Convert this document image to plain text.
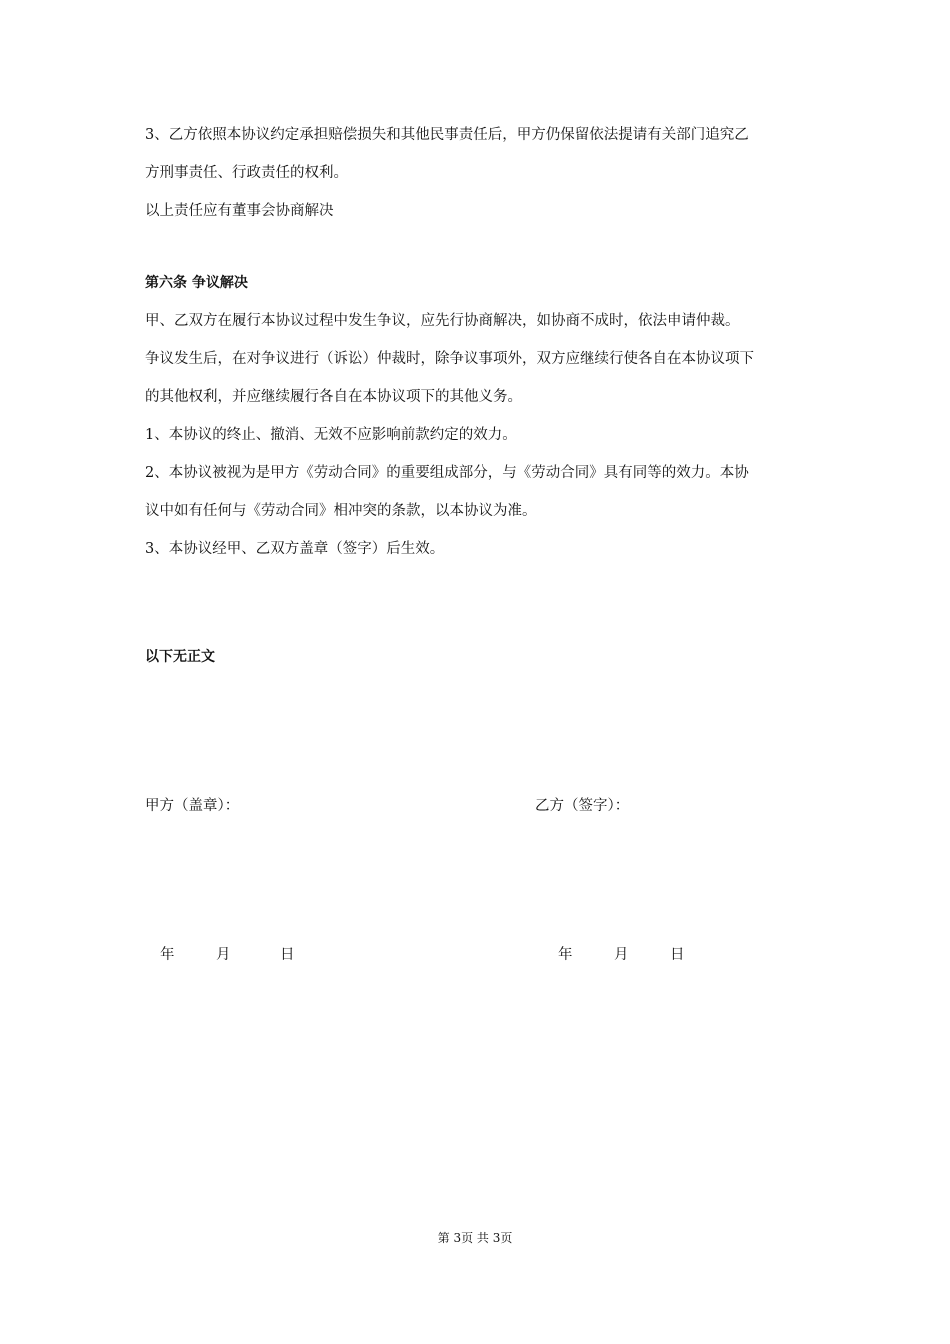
3、乙方依照本协议约定承担赔偿损失和其他民事责任后，甲方仍保留依法提请有关部门追究乙
方刑事责任、行政责任的权利。
以上责任应有董事会协商解决
第六条 争议解决
甲、乙双方在履行本协议过程中发生争议，应先行协商解决，如协商不成时，依法申请仲裁。
争议发生后，在对争议进行（诉讼）仲裁时，除争议事项外，双方应继续行使各自在本协议项下
的其他权利，并应继续履行各自在本协议项下的其他义务。
1、本协议的终止、撤消、无效不应影响前款约定的效力。
2、本协议被视为是甲方《劳动合同》的重要组成部分，与《劳动合同》具有同等的效力。本协
议中如有任何与《劳动合同》相冲突的条款，以本协议为准。
3、本协议经甲、乙双方盖章（签字）后生效。
以下无正文
甲方（盖章）：	乙方（签字）：
年	月	日	年	月	日
第 3页 共 3页
